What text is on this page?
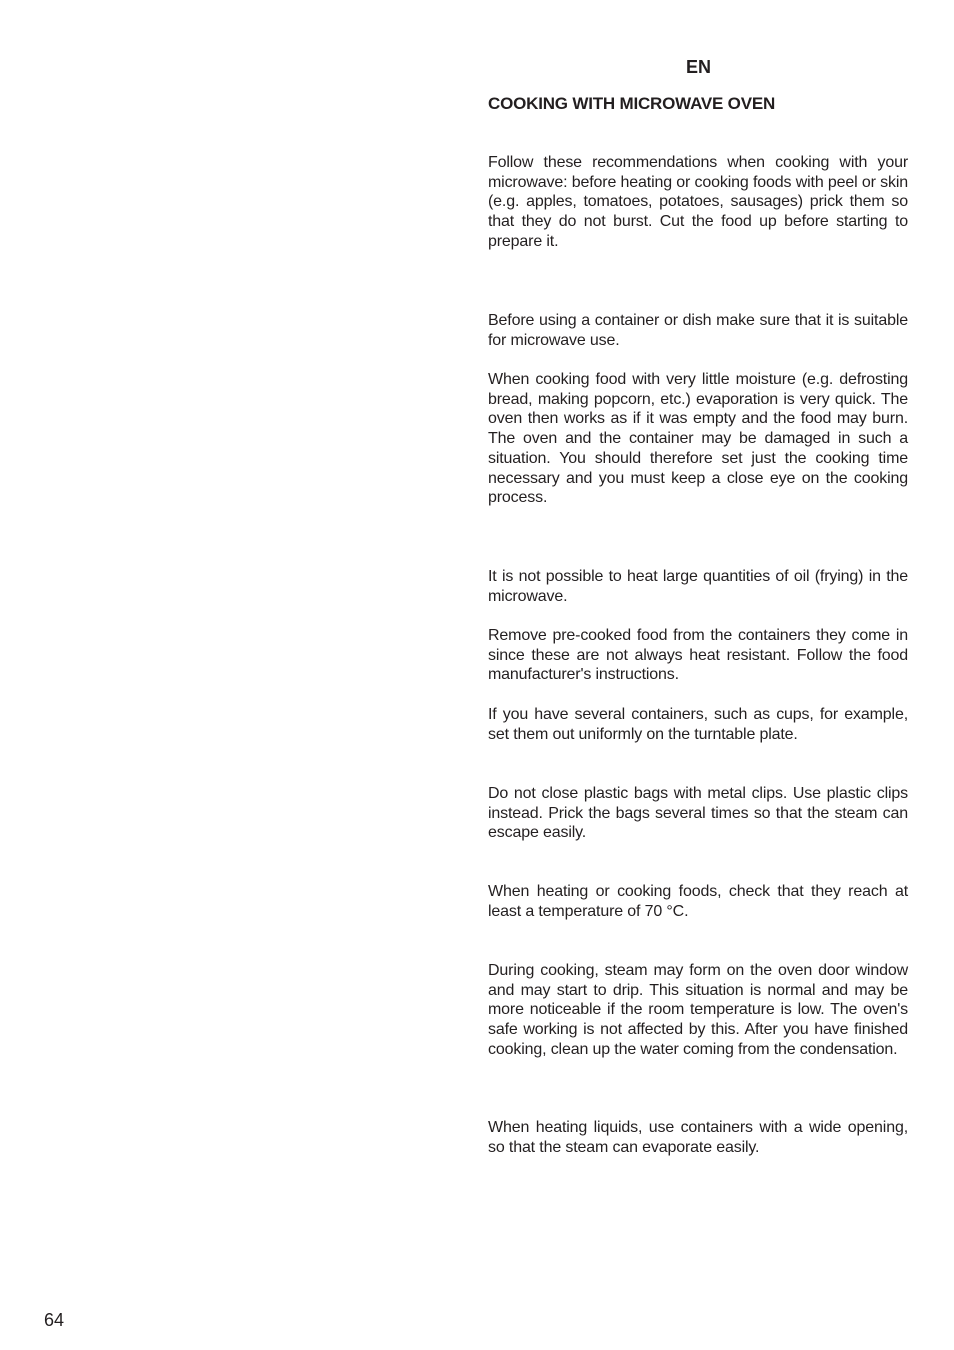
EN

COOKING WITH MICROWAVE OVEN

Follow these recommendations when cooking with your microwave: before heating or cooking foods with peel or skin (e.g. apples, tomatoes, potatoes, sausages) prick them so that they do not burst. Cut the food up before starting to prepare it.

Before using a container or dish make sure that it is suitable for microwave use.

When cooking food with very little moisture (e.g. defrosting bread, making popcorn, etc.) evaporation is very quick. The oven then works as if it was empty and the food may burn. The oven and the container may be damaged in such a situation. You should therefore set just the cooking time necessary and you must keep a close eye on the cooking process.

It is not possible to heat large quantities of oil (frying) in the microwave.

Remove pre-cooked food from the containers they come in since these are not always heat resistant. Follow the food manufacturer's instructions.

If you have several containers, such as cups, for example, set them out uniformly on the turntable plate.

Do not close plastic bags with metal clips. Use plastic clips instead. Prick the bags several times so that the steam can escape easily.

When heating or cooking foods, check that they reach at least a temperature of 70 °C.

During cooking, steam may form on the oven door window and may start to drip. This situation is normal and may be more noticeable if the room temperature is low. The oven's safe working is not affected by this. After you have finished cooking, clean up the water coming from the condensation.

When heating liquids, use containers with a wide opening, so that the steam can evaporate easily.

64
